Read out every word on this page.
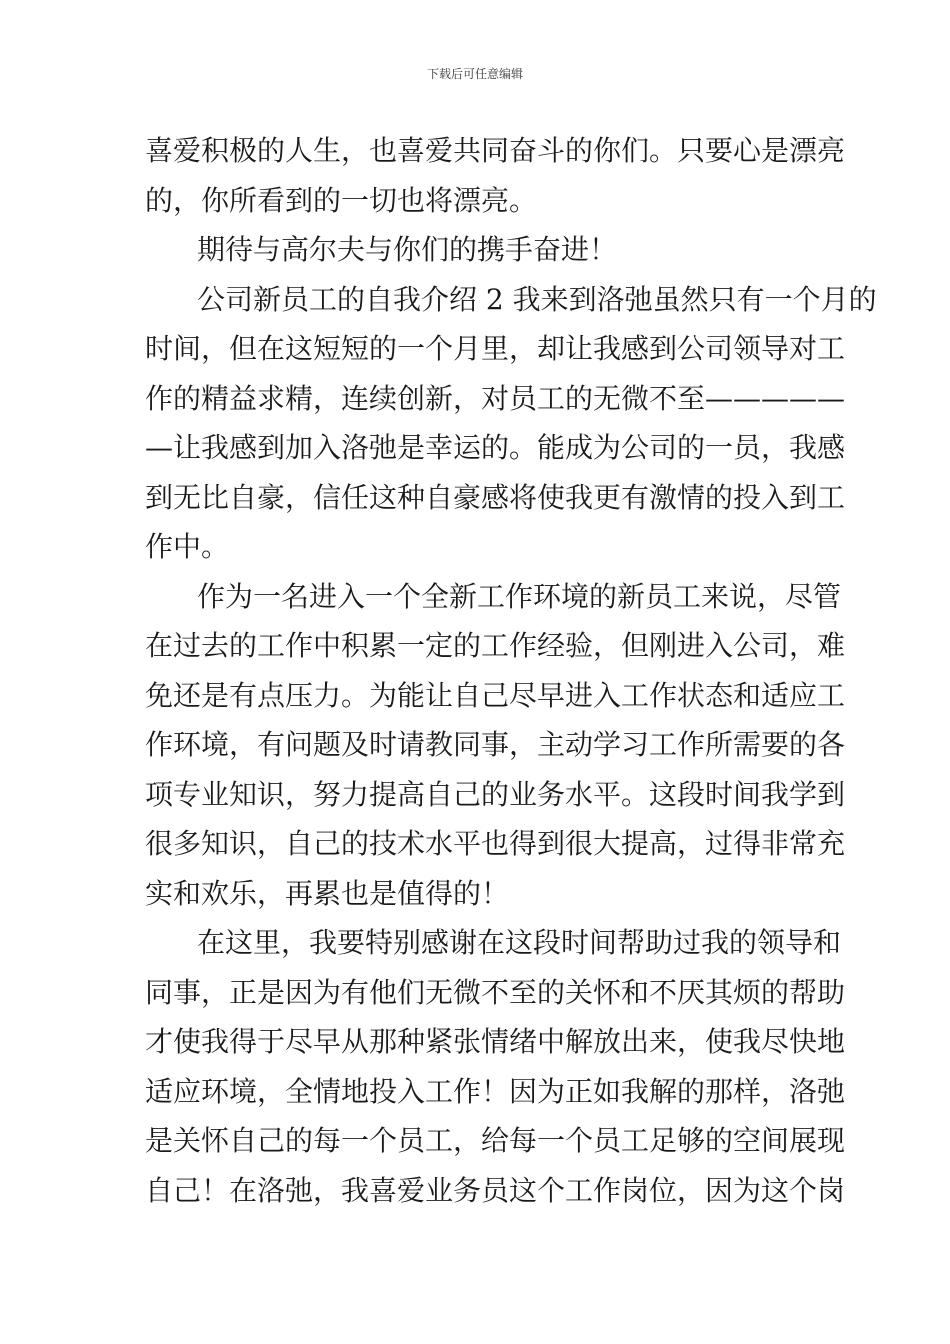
下载后可任意编辑
喜爱积极的人生，也喜爱共同奋斗的你们。只要心是漂亮
的，你所看到的一切也将漂亮。
期待与高尔夫与你们的携手奋进！
公司新员工的自我介绍 2 我来到洛弛虽然只有一个月的
时间，但在这短短的一个月里，却让我感到公司领导对工
作的精益求精，连续创新，对员工的无微不至—————
—让我感到加入洛弛是幸运的。能成为公司的一员，我感
到无比自豪，信任这种自豪感将使我更有激情的投入到工
作中。
作为一名进入一个全新工作环境的新员工来说，尽管
在过去的工作中积累一定的工作经验，但刚进入公司，难
免还是有点压力。为能让自己尽早进入工作状态和适应工
作环境，有问题及时请教同事，主动学习工作所需要的各
项专业知识，努力提高自己的业务水平。这段时间我学到
很多知识，自己的技术水平也得到很大提高，过得非常充
实和欢乐，再累也是值得的！
在这里，我要特别感谢在这段时间帮助过我的领导和
同事，正是因为有他们无微不至的关怀和不厌其烦的帮助
才使我得于尽早从那种紧张情绪中解放出来，使我尽快地
适应环境，全情地投入工作！因为正如我解的那样，洛弛
是关怀自己的每一个员工，给每一个员工足够的空间展现
自己！在洛弛，我喜爱业务员这个工作岗位，因为这个岗
